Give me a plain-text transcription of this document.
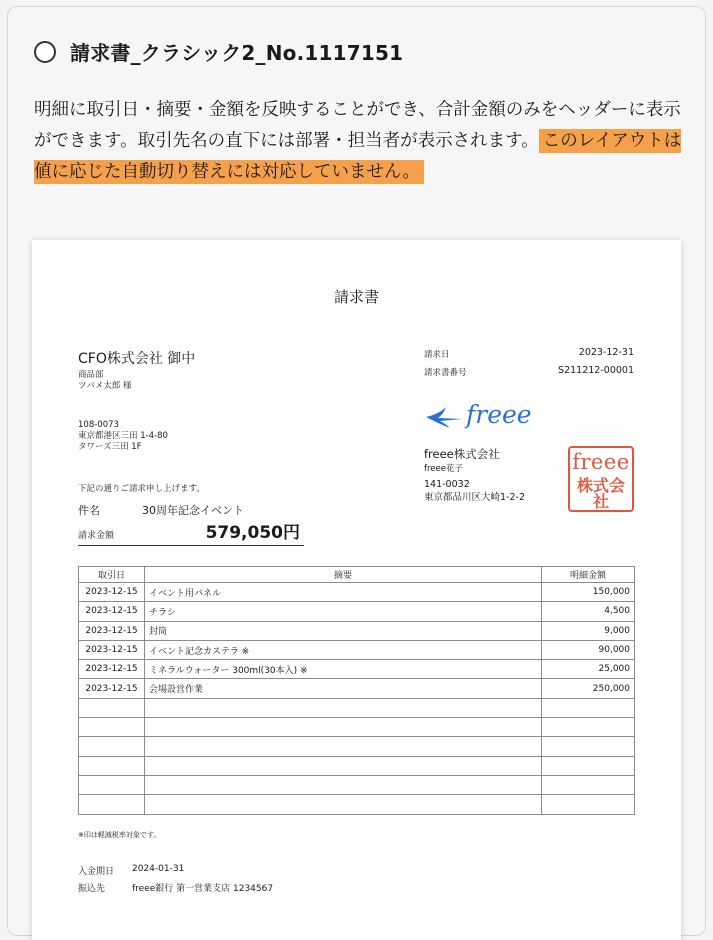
請求書_クラシック2_No.1117151
明細に取引日・摘要・金額を反映することができ、合計金額のみをヘッダーに表示ができます。取引先名の直下には部署・担当者が表示されます。 このレイアウトは値に応じた自動切り替えには対応していません。
請求書
CFO株式会社 御中
商品部
ツバメ太郎 様
108-0073
東京都港区三田 1-4-80
タワーズ三田 1F
下記の通りご請求申し上げます。
件名	30周年記念イベント
請求金額	579,050円
請求日	2023-12-31
請求書番号	S211212-00001
freee
freee株式会社
freee花子
141-0032
東京都品川区大崎1-2-2
freee
株式会社
取引日	摘要	明細金額
2023-12-15	イベント用パネル	150,000
2023-12-15	チラシ	4,500
2023-12-15	封筒	9,000
2023-12-15	イベント記念カステラ ※	90,000
2023-12-15	ミネラルウォーター 300ml(30本入) ※	25,000
2023-12-15	会場設営作業	250,000

※印は軽減税率対象です。
入金期日 2024-01-31
振込先	freee銀行 第一営業支店 1234567
